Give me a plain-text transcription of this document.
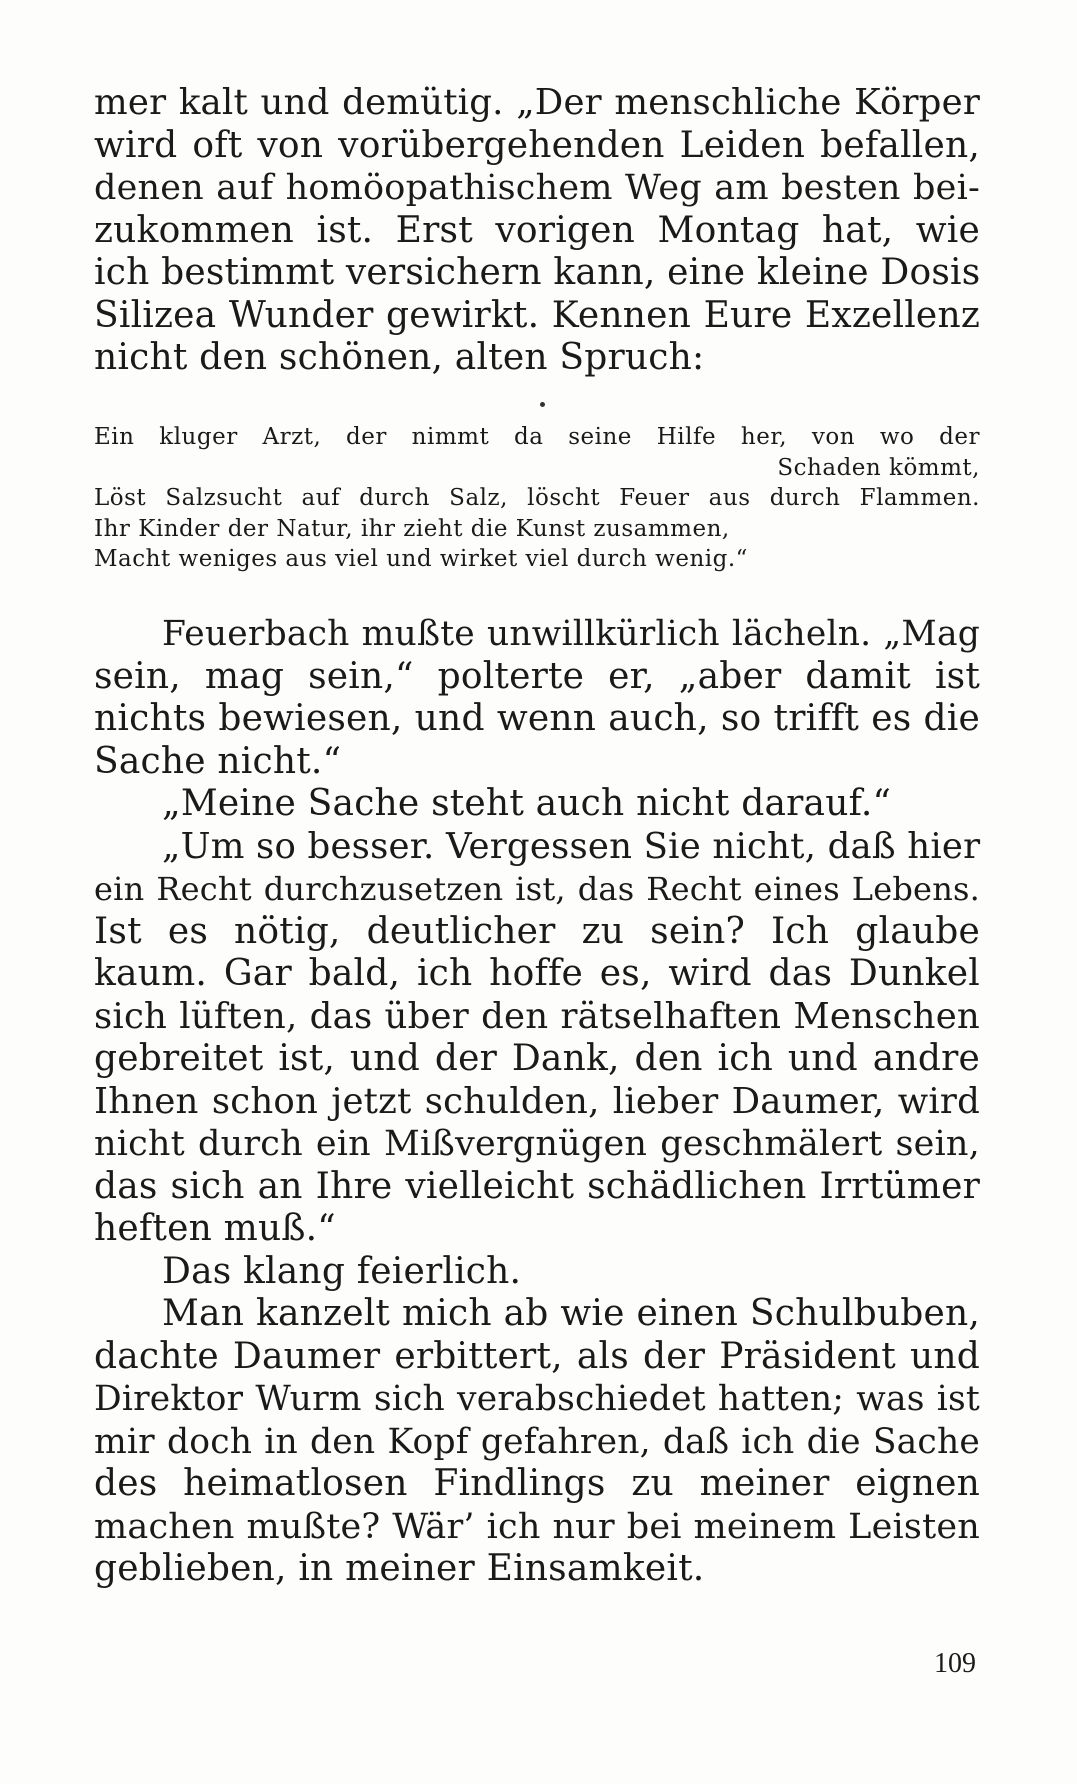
mer kalt und demütig. „Der menschliche Körper
wird oft von vorübergehenden Leiden befallen,
denen auf homöopathischem Weg am besten bei-
zukommen ist. Erst vorigen Montag hat, wie
ich bestimmt versichern kann, eine kleine Dosis
Silizea Wunder gewirkt. Kennen Eure Exzellenz
nicht den schönen, alten Spruch:
Ein kluger Arzt, der nimmt da seine Hilfe her, von wo der
Schaden kömmt,
Löst Salzsucht auf durch Salz, löscht Feuer aus durch Flammen.
Ihr Kinder der Natur, ihr zieht die Kunst zusammen,
Macht weniges aus viel und wirket viel durch wenig.“
Feuerbach mußte unwillkürlich lächeln. „Mag
sein, mag sein,“ polterte er, „aber damit ist
nichts bewiesen, und wenn auch, so trifft es die
Sache nicht.“
„Meine Sache steht auch nicht darauf.“
„Um so besser. Vergessen Sie nicht, daß hier
ein Recht durchzusetzen ist, das Recht eines Lebens.
Ist es nötig, deutlicher zu sein? Ich glaube
kaum. Gar bald, ich hoffe es, wird das Dunkel
sich lüften, das über den rätselhaften Menschen
gebreitet ist, und der Dank, den ich und andre
Ihnen schon jetzt schulden, lieber Daumer, wird
nicht durch ein Mißvergnügen geschmälert sein,
das sich an Ihre vielleicht schädlichen Irrtümer
heften muß.“
Das klang feierlich.
Man kanzelt mich ab wie einen Schulbuben,
dachte Daumer erbittert, als der Präsident und
Direktor Wurm sich verabschiedet hatten; was ist
mir doch in den Kopf gefahren, daß ich die Sache
des heimatlosen Findlings zu meiner eignen
machen mußte? Wär’ ich nur bei meinem Leisten
geblieben, in meiner Einsamkeit.
109
